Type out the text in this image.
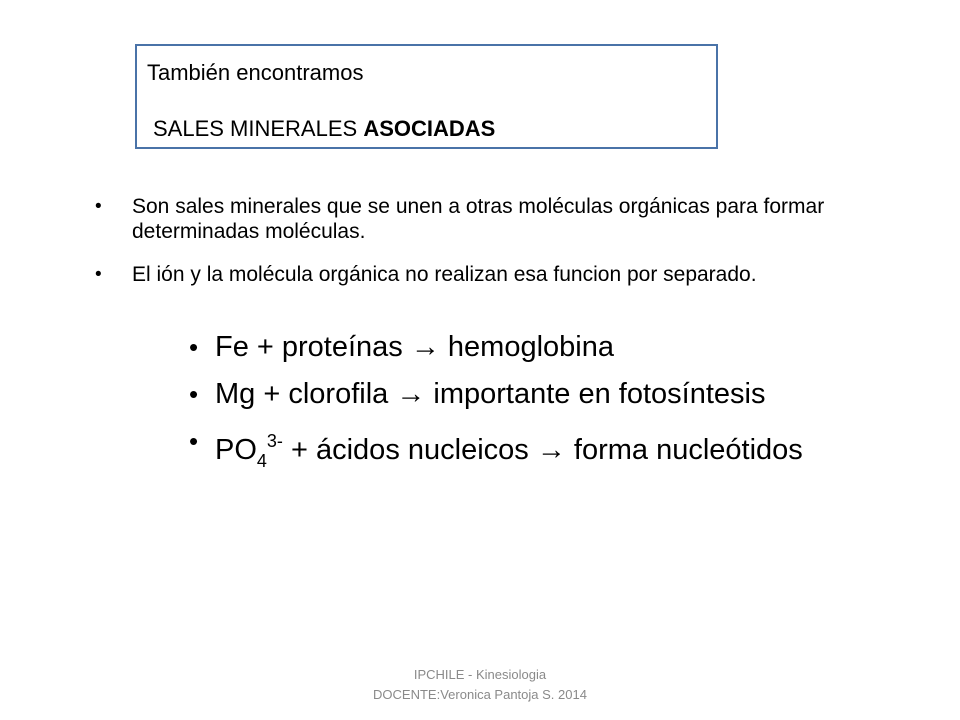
También encontramos
SALES MINERALES ASOCIADAS
• Son sales minerales que se unen a otras moléculas orgánicas para formar determinadas moléculas.
• El ión y la molécula orgánica no realizan esa funcion por separado.
• Fe + proteínas → hemoglobina
• Mg + clorofila → importante en fotosíntesis
• $PO_4^{3-}$ + ácidos nucleicos → forma nucleótidos
IPCHILE - Kinesiologia
DOCENTE:Veronica Pantoja S. 2014
